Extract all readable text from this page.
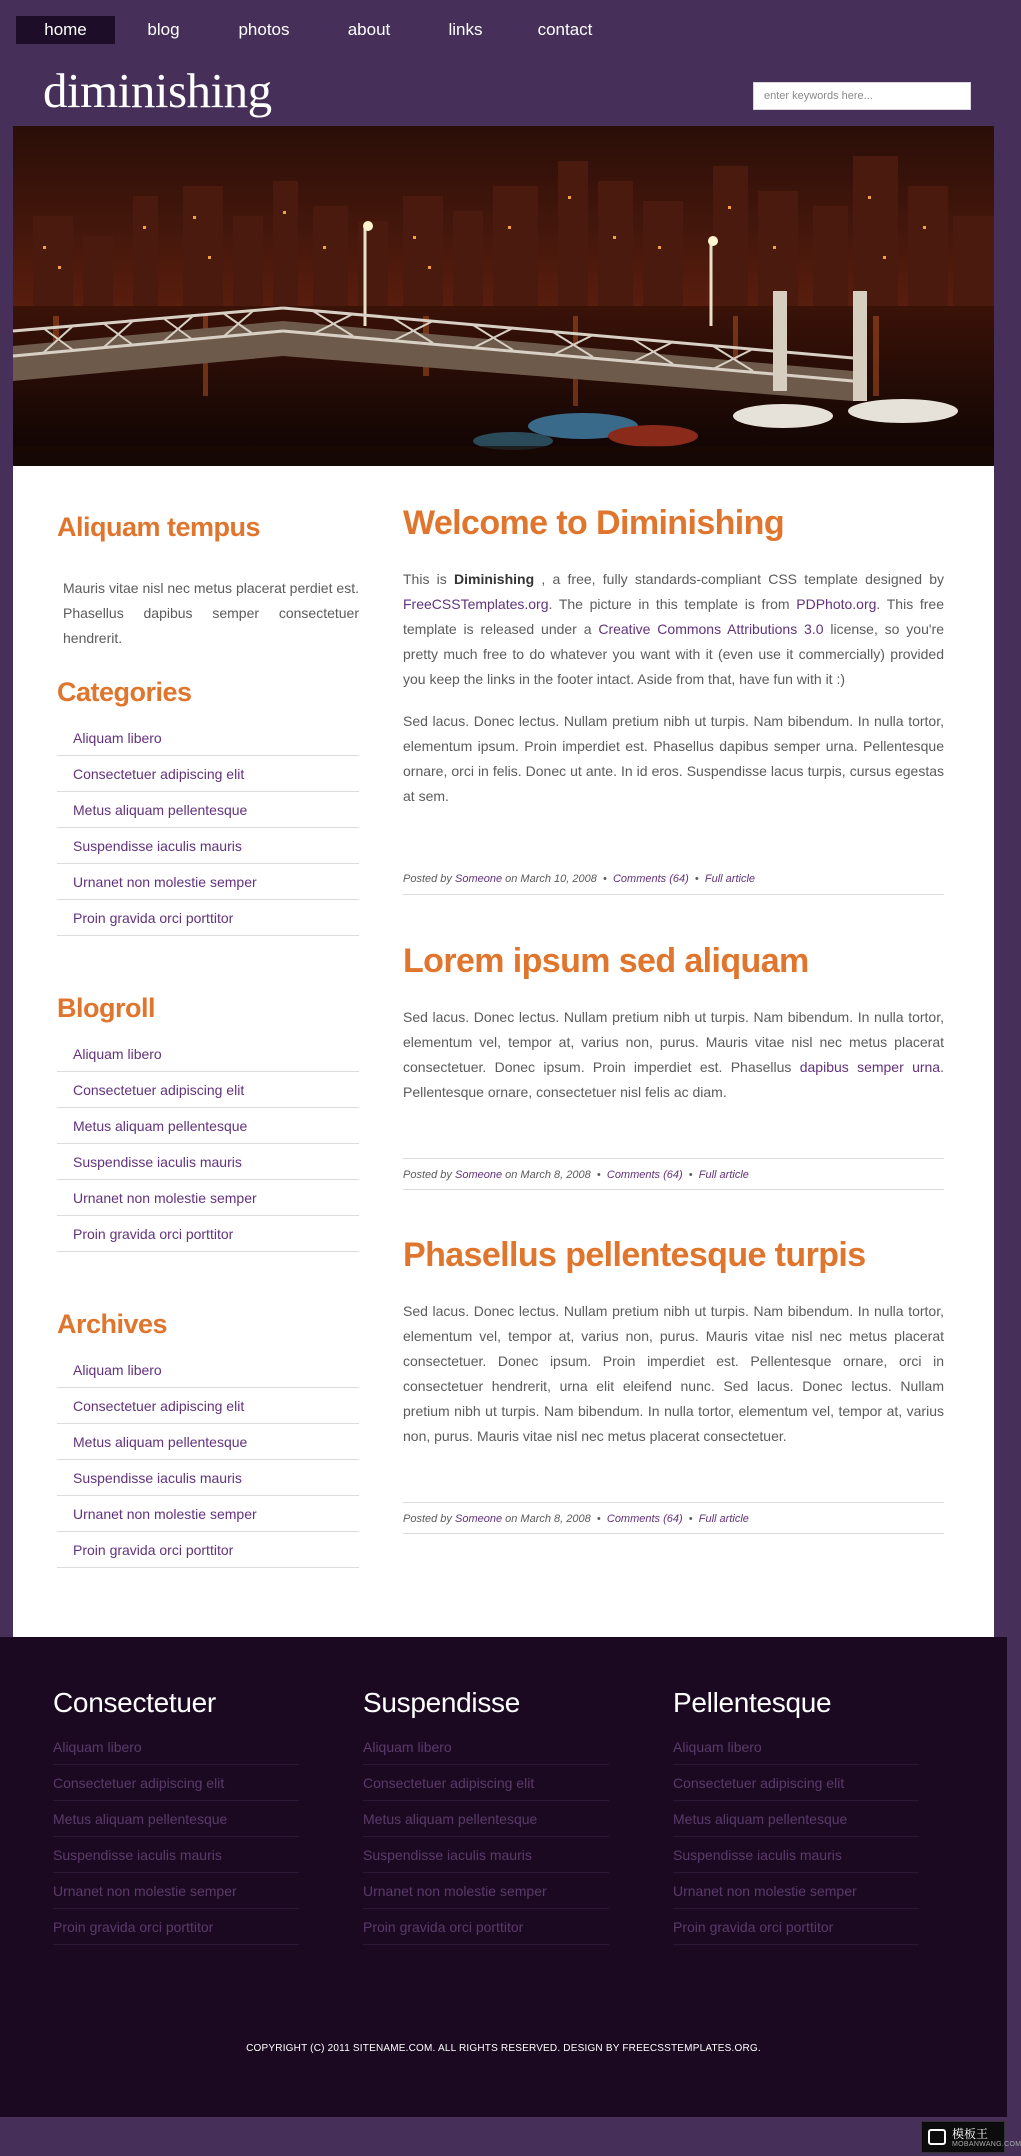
home	blog	photos	about	links	contact
diminishing
enter keywords here...
Aliquam tempus

Mauris vitae nisl nec metus placerat perdiet est. Phasellus dapibus semper consectetuer hendrerit.

Categories
Aliquam libero
Consectetuer adipiscing elit
Metus aliquam pellentesque
Suspendisse iaculis mauris
Urnanet non molestie semper
Proin gravida orci porttitor
Blogroll
Aliquam libero
Consectetuer adipiscing elit
Metus aliquam pellentesque
Suspendisse iaculis mauris
Urnanet non molestie semper
Proin gravida orci porttitor
Archives
Aliquam libero
Consectetuer adipiscing elit
Metus aliquam pellentesque
Suspendisse iaculis mauris
Urnanet non molestie semper
Proin gravida orci porttitor
Welcome to Diminishing

This is Diminishing , a free, fully standards-compliant CSS template designed by FreeCSSTemplates.org. The picture in this template is from PDPhoto.org. This free template is released under a Creative Commons Attributions 3.0 license, so you're pretty much free to do whatever you want with it (even use it commercially) provided you keep the links in the footer intact. Aside from that, have fun with it :)

Sed lacus. Donec lectus. Nullam pretium nibh ut turpis. Nam bibendum. In nulla tortor, elementum ipsum. Proin imperdiet est. Phasellus dapibus semper urna. Pellentesque ornare, orci in felis. Donec ut ante. In id eros. Suspendisse lacus turpis, cursus egestas at sem.

Posted by Someone on March 10, 2008 • Comments (64) • Full article
Lorem ipsum sed aliquam

Sed lacus. Donec lectus. Nullam pretium nibh ut turpis. Nam bibendum. In nulla tortor, elementum vel, tempor at, varius non, purus. Mauris vitae nisl nec metus placerat consectetuer. Donec ipsum. Proin imperdiet est. Phasellus dapibus semper urna. Pellentesque ornare, consectetuer nisl felis ac diam.

Posted by Someone on March 8, 2008 • Comments (64) • Full article
Phasellus pellentesque turpis

Sed lacus. Donec lectus. Nullam pretium nibh ut turpis. Nam bibendum. In nulla tortor, elementum vel, tempor at, varius non, purus. Mauris vitae nisl nec metus placerat consectetuer. Donec ipsum. Proin imperdiet est. Pellentesque ornare, orci in consectetuer hendrerit, urna elit eleifend nunc. Sed lacus. Donec lectus. Nullam pretium nibh ut turpis. Nam bibendum. In nulla tortor, elementum vel, tempor at, varius non, purus. Mauris vitae nisl nec metus placerat consectetuer.

Posted by Someone on March 8, 2008 • Comments (64) • Full article
Consectetuer
Aliquam libero
Consectetuer adipiscing elit
Metus aliquam pellentesque
Suspendisse iaculis mauris
Urnanet non molestie semper
Proin gravida orci porttitor
Suspendisse
Aliquam libero
Consectetuer adipiscing elit
Metus aliquam pellentesque
Suspendisse iaculis mauris
Urnanet non molestie semper
Proin gravida orci porttitor
Pellentesque
Aliquam libero
Consectetuer adipiscing elit
Metus aliquam pellentesque
Suspendisse iaculis mauris
Urnanet non molestie semper
Proin gravida orci porttitor
COPYRIGHT (C) 2011 SITENAME.COM. ALL RIGHTS RESERVED. DESIGN BY FREECSSTEMPLATES.ORG.
模板王
MOBANWANG.COM
